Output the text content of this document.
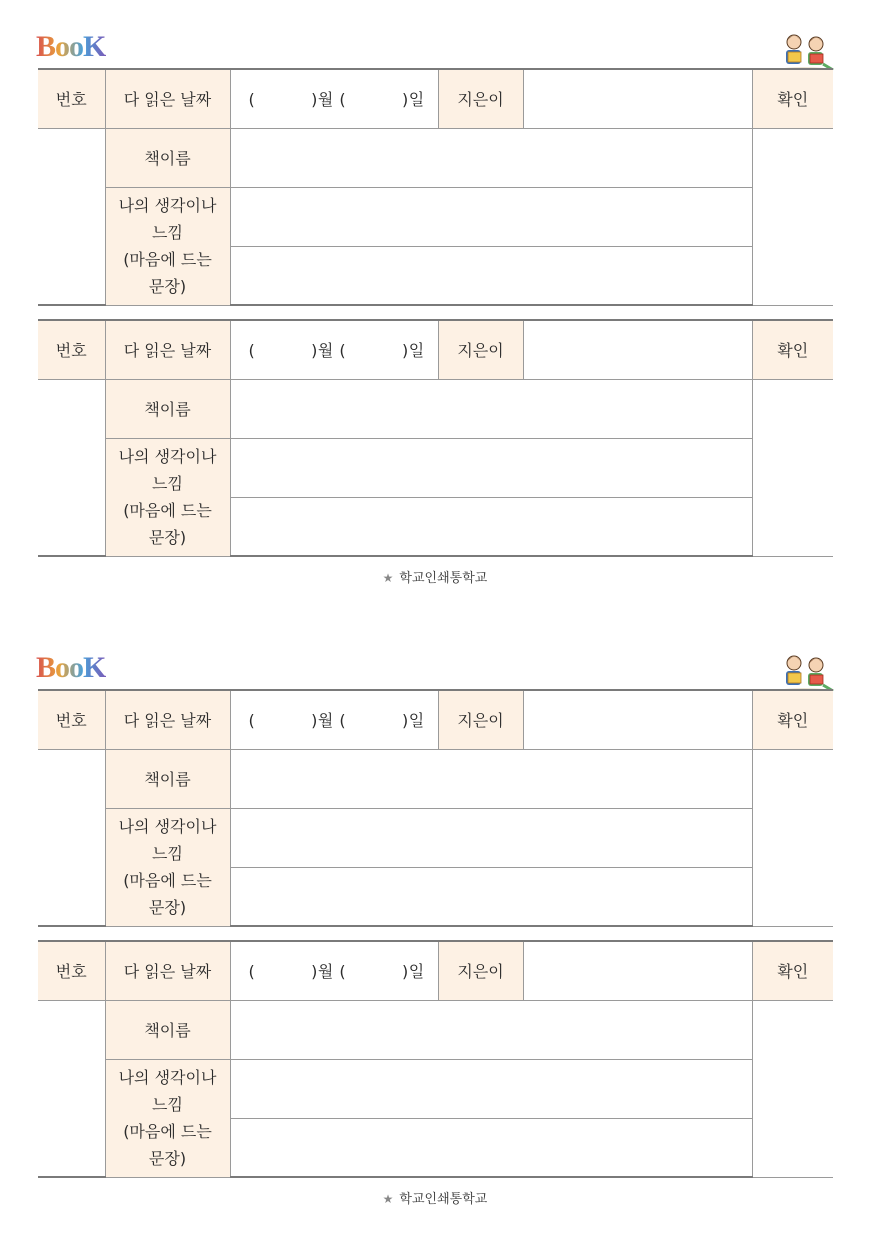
BooK
번호	다 읽은 날짜	(          )월 (          )일	지은이		확인
	책이름				

	나의 생각이나
느낌
(마음에 드는
문장)				

번호	다 읽은 날짜	(          )월 (          )일	지은이		확인
	책이름				

	나의 생각이나
느낌
(마음에 드는
문장)				

★ 학교인쇄통학교
BooK
번호	다 읽은 날짜	(          )월 (          )일	지은이		확인
	책이름				

	나의 생각이나
느낌
(마음에 드는
문장)				

번호	다 읽은 날짜	(          )월 (          )일	지은이		확인
	책이름				

	나의 생각이나
느낌
(마음에 드는
문장)				

★ 학교인쇄통학교
